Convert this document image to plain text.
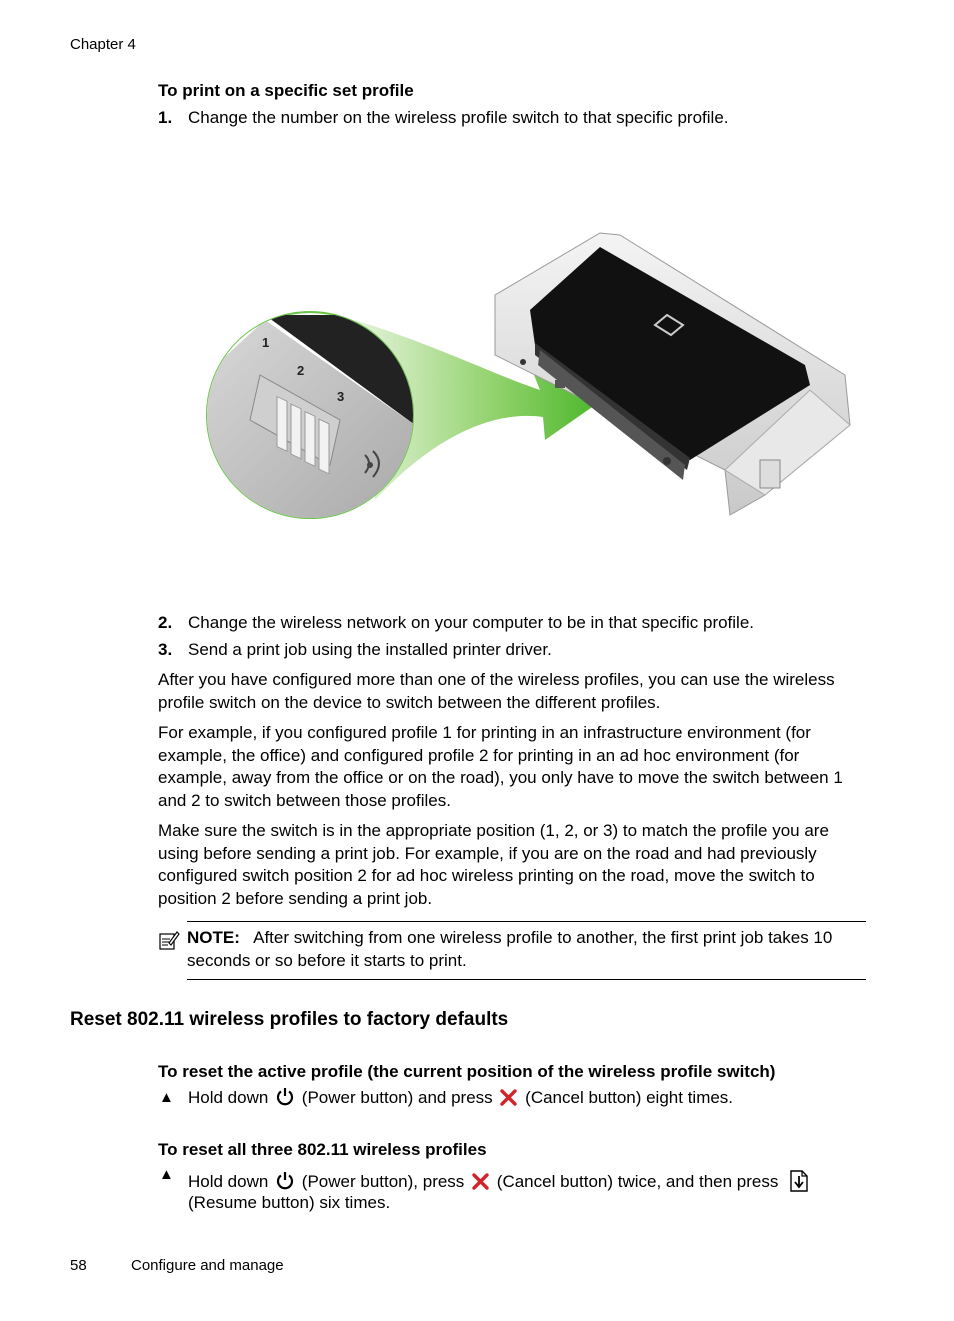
Chapter 4
To print on a specific set profile
1. Change the number on the wireless profile switch to that specific profile.
1
2
3
2. Change the wireless network on your computer to be in that specific profile.
3. Send a print job using the installed printer driver.
After you have configured more than one of the wireless profiles, you can use the wireless profile switch on the device to switch between the different profiles.
For example, if you configured profile 1 for printing in an infrastructure environment (for example, the office) and configured profile 2 for printing in an ad hoc environment (for example, away from the office or on the road), you only have to move the switch between 1 and 2 to switch between those profiles.
Make sure the switch is in the appropriate position (1, 2, or 3) to match the profile you are using before sending a print job. For example, if you are on the road and had previously configured switch position 2 for ad hoc wireless printing on the road, move the switch to position 2 before sending a print job.
NOTE: After switching from one wireless profile to another, the first print job takes 10 seconds or so before it starts to print.
Reset 802.11 wireless profiles to factory defaults
To reset the active profile (the current position of the wireless profile switch)
▲ Hold down (Power button) and press (Cancel button) eight times.
To reset all three 802.11 wireless profiles
▲ Hold down (Power button), press (Cancel button) twice, and then press
(Resume button) six times.
58	Configure and manage
